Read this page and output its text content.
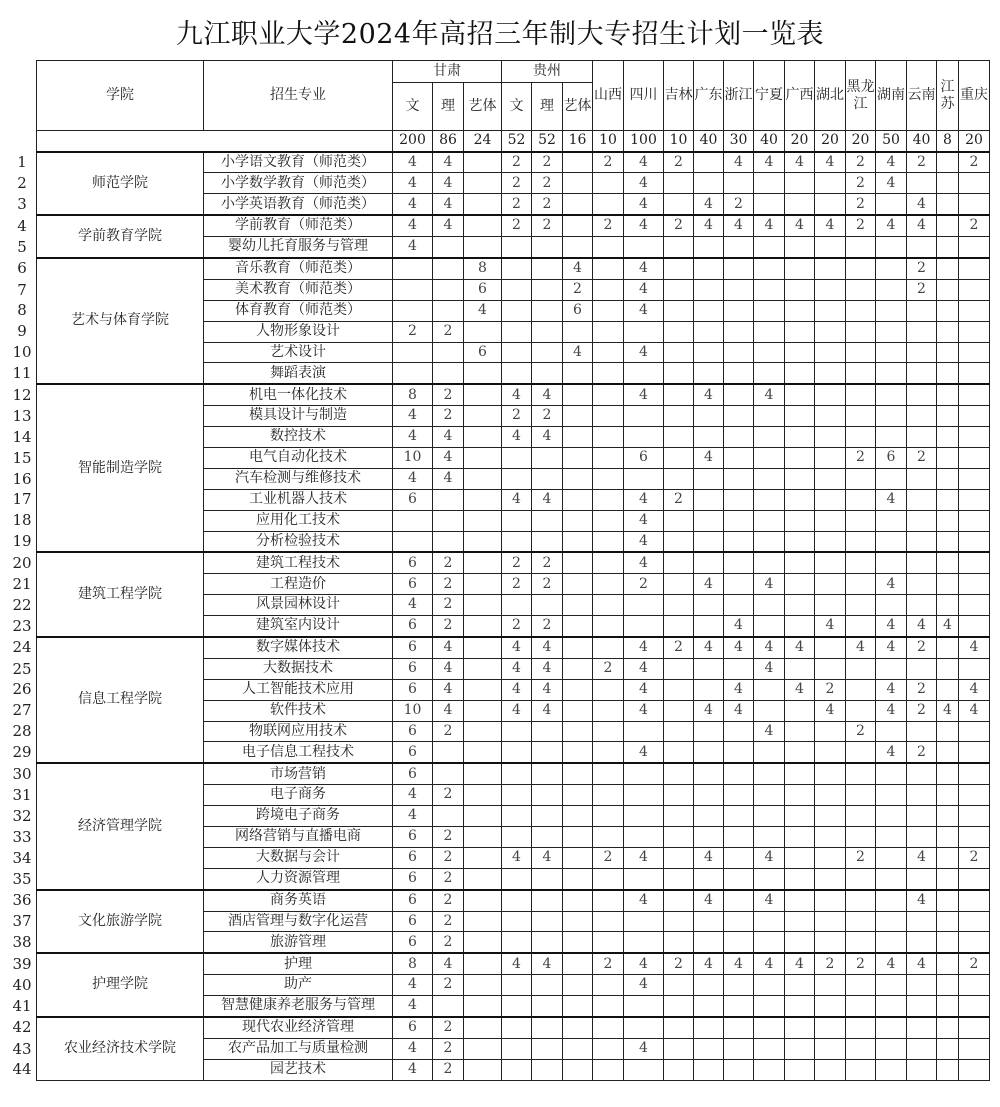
九江职业大学2024年高招三年制大专招生计划一览表
	学院	招生专业	甘肃			贵州			山西	四川	吉林	广东	浙江	宁夏	广西	湖北	黑龙江	湖南	云南	江苏	重庆
			文	理	艺体	文	理	艺体													
			200	86	24	52	52	16	10	100	10	40	30	40	20	20	20	50	40	8	20
1	师范学院	小学语文教育（师范类）	4	4		2	2		2	4	2		4	4	4	4	2	4	2		2
2		小学数学教育（师范类）	4	4		2	2			4							2	4			
3		小学英语教育（师范类）	4	4		2	2			4		4	2				2		4		
4	学前教育学院	学前教育（师范类）	4	4		2	2		2	4	2	4	4	4	4	4	2	4	4		2
5		婴幼儿托育服务与管理	4																		
6	艺术与体育学院	音乐教育（师范类）			8			4		4									2		
7		美术教育（师范类）			6			2		4									2		
8		体育教育（师范类）			4			6		4											
9		人物形象设计	2	2																	
10		艺术设计			6			4		4											
11		舞蹈表演																			
12	智能制造学院	机电一体化技术	8	2		4	4			4		4		4							
13		模具设计与制造	4	2		2	2														
14		数控技术	4	4		4	4														
15		电气自动化技术	10	4						6		4					2	6	2		
16		汽车检测与维修技术	4	4																	
17		工业机器人技术	6			4	4			4	2							4			
18		应用化工技术								4											
19		分析检验技术								4											
20	建筑工程学院	建筑工程技术	6	2		2	2			4											
21		工程造价	6	2		2	2			2		4		4				4			
22		风景园林设计	4	2																	
23		建筑室内设计	6	2		2	2						4			4		4	4	4	
24	信息工程学院	数字媒体技术	6	4		4	4			4	2	4	4	4	4		4	4	2		4
25		大数据技术	6	4		4	4		2	4				4							
26		人工智能技术应用	6	4		4	4			4			4		4	2		4	2		4
27		软件技术	10	4		4	4			4		4	4			4		4	2	4	4
28		物联网应用技术	6	2										4			2				
29		电子信息工程技术	6							4								4	2		
30	经济管理学院	市场营销	6																		
31		电子商务	4	2																	
32		跨境电子商务	4																		
33		网络营销与直播电商	6	2																	
34		大数据与会计	6	2		4	4		2	4		4		4			2		4		2
35		人力资源管理	6	2																	
36	文化旅游学院	商务英语	6	2						4		4		4					4		
37		酒店管理与数字化运营	6	2																	
38		旅游管理	6	2																	
39	护理学院	护理	8	4		4	4		2	4	2	4	4	4	4	2	2	4	4		2
40		助产	4	2						4											
41		智慧健康养老服务与管理	4																		
42	农业经济技术学院	现代农业经济管理	6	2																	
43		农产品加工与质量检测	4	2						4											
44		园艺技术	4	2																	
